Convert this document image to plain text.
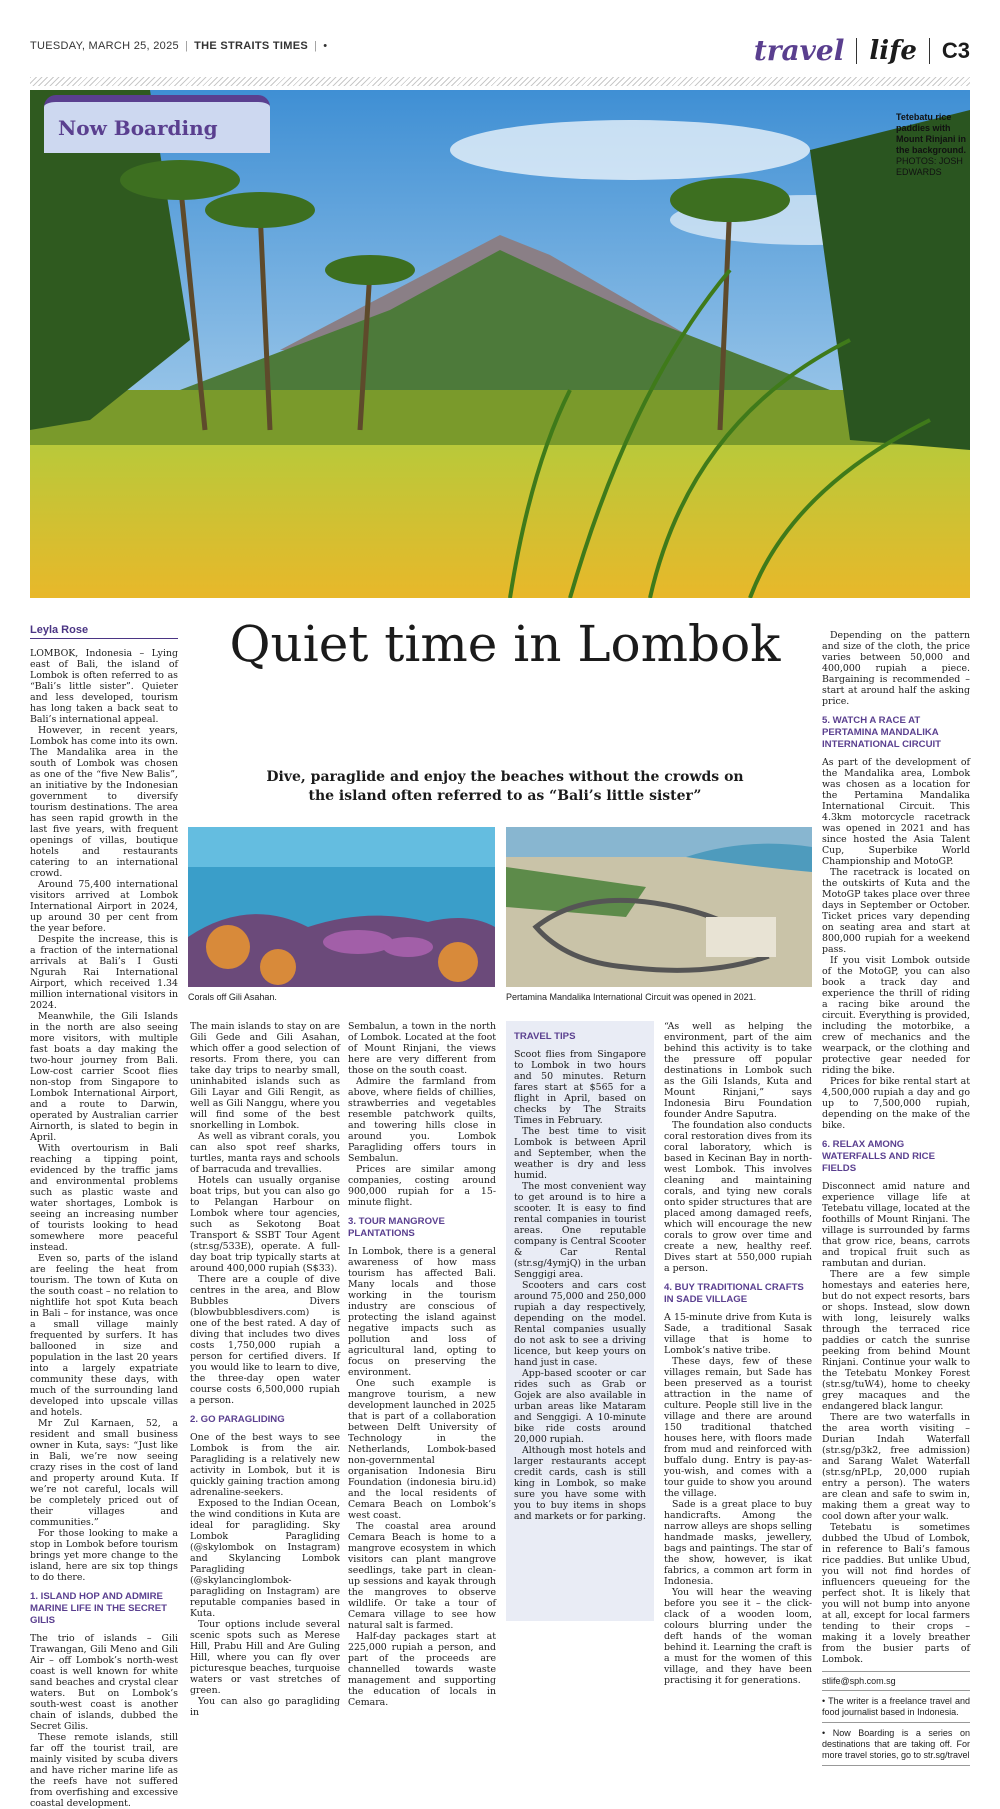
TUESDAY, MARCH 25, 2025 | THE STRAITS TIMES | •	travel life C3
Now Boarding	Tetebatu rice paddies with Mount Rinjani in the background.
PHOTOS: JOSH EDWARDS
Leyla Rose	Quiet time in Lombok
Dive, paraglide and enjoy the beaches without the crowds on the island often referred to as “Bali’s little sister”

LOMBOK, Indonesia – Lying east of Bali, the island of Lombok is often referred to as “Bali’s little sister”. Quieter and less developed, tourism has long taken a back seat to Bali’s international appeal.

However, in recent years, Lombok has come into its own. The Mandalika area in the south of Lombok was chosen as one of the “five New Balis”, an initiative by the Indonesian government to diversify tourism destinations. The area has seen rapid growth in the last five years, with frequent openings of villas, boutique hotels and restaurants catering to an international crowd.

Around 75,400 international visitors arrived at Lombok International Airport in 2024, up around 30 per cent from the year before.

Despite the increase, this is a fraction of the international arrivals at Bali’s I Gusti Ngurah Rai International Airport, which received 1.34 million international visitors in 2024.

Meanwhile, the Gili Islands in the north are also seeing more visitors, with multiple fast boats a day making the two-hour journey from Bali. Low-cost carrier Scoot flies non-stop from Singapore to Lombok International Airport, and a route to Darwin, operated by Australian carrier Airnorth, is slated to begin in April.

With overtourism in Bali reaching a tipping point, evidenced by the traffic jams and environmental problems such as plastic waste and water shortages, Lombok is seeing an increasing number of tourists looking to head somewhere more peaceful instead.

Even so, parts of the island are feeling the heat from tourism. The town of Kuta on the south coast – no relation to nightlife hot spot Kuta beach in Bali – for instance, was once a small village mainly frequented by surfers. It has ballooned in size and population in the last 20 years into a largely expatriate community these days, with much of the surrounding land developed into upscale villas and hotels.

Mr Zul Karnaen, 52, a resident and small business owner in Kuta, says: “Just like in Bali, we’re now seeing crazy rises in the cost of land and property around Kuta. If we’re not careful, locals will be completely priced out of their villages and communities.”

For those looking to make a stop in Lombok before tourism brings yet more change to the island, here are six top things to do there.

1. ISLAND HOP AND ADMIRE MARINE LIFE IN THE SECRET GILIS

The trio of islands – Gili Trawangan, Gili Meno and Gili Air – off Lombok’s north-west coast is well known for white sand beaches and crystal clear waters. But on Lombok’s south-west coast is another chain of islands, dubbed the Secret Gilis.

These remote islands, still far off the tourist trail, are mainly visited by scuba divers and have richer marine life as the reefs have not suffered from overfishing and excessive coastal development.

Corals off Gili Asahan.	Pertamina Mandalika International Circuit was opened in 2021.

The main islands to stay on are Gili Gede and Gili Asahan, which offer a good selection of resorts. From there, you can take day trips to nearby small, uninhabited islands such as Gili Layar and Gili Rengit, as well as Gili Nanggu, where you will find some of the best snorkelling in Lombok.

As well as vibrant corals, you can also spot reef sharks, turtles, manta rays and schools of barracuda and trevallies.

Hotels can usually organise boat trips, but you can also go to Pelangan Harbour on Lombok where tour agencies, such as Sekotong Boat Transport & SSBT Tour Agent (str.sg/533E), operate. A full-day boat trip typically starts at around 400,000 rupiah (S$33).

There are a couple of dive centres in the area, and Blow Bubbles Divers (blowbubblesdivers.com) is one of the best rated. A day of diving that includes two dives costs 1,750,000 rupiah a person for certified divers. If you would like to learn to dive, the three-day open water course costs 6,500,000 rupiah a person.

2. GO PARAGLIDING

One of the best ways to see Lombok is from the air. Paragliding is a relatively new activity in Lombok, but it is quickly gaining traction among adrenaline-seekers.

Exposed to the Indian Ocean, the wind conditions in Kuta are ideal for paragliding. Sky Lombok Paragliding (@skylombok on Instagram) and Skylancing Lombok Paragliding (@skylancinglombok-paragliding on Instagram) are reputable companies based in Kuta.

Tour options include several scenic spots such as Merese Hill, Prabu Hill and Are Guling Hill, where you can fly over picturesque beaches, turquoise waters or vast stretches of green.

You can also go paragliding in

Sembalun, a town in the north of Lombok. Located at the foot of Mount Rinjani, the views here are very different from those on the south coast.

Admire the farmland from above, where fields of chillies, strawberries and vegetables resemble patchwork quilts, and towering hills close in around you. Lombok Paragliding offers tours in Sembalun.

Prices are similar among companies, costing around 900,000 rupiah for a 15-minute flight.

3. TOUR MANGROVE PLANTATIONS

In Lombok, there is a general awareness of how mass tourism has affected Bali. Many locals and those working in the tourism industry are conscious of protecting the island against negative impacts such as pollution and loss of agricultural land, opting to focus on preserving the environment.

One such example is mangrove tourism, a new development launched in 2025 that is part of a collaboration between Delft University of Technology in the Netherlands, Lombok-based non-governmental organisation Indonesia Biru Foundation (indonesia biru.id) and the local residents of Cemara Beach on Lombok’s west coast.

The coastal area around Cemara Beach is home to a mangrove ecosystem in which visitors can plant mangrove seedlings, take part in clean-up sessions and kayak through the mangroves to observe wildlife. Or take a tour of Cemara village to see how natural salt is farmed.

Half-day packages start at 225,000 rupiah a person, and part of the proceeds are channelled towards waste management and supporting the education of locals in Cemara.

TRAVEL TIPS

Scoot flies from Singapore to Lombok in two hours and 50 minutes. Return fares start at $565 for a flight in April, based on checks by The Straits Times in February.

The best time to visit Lombok is between April and September, when the weather is dry and less humid.

The most convenient way to get around is to hire a scooter. It is easy to find rental companies in tourist areas. One reputable company is Central Scooter & Car Rental (str.sg/4ymjQ) in the urban Senggigi area.

Scooters and cars cost around 75,000 and 250,000 rupiah a day respectively, depending on the model. Rental companies usually do not ask to see a driving licence, but keep yours on hand just in case.

App-based scooter or car rides such as Grab or Gojek are also available in urban areas like Mataram and Senggigi. A 10-minute bike ride costs around 20,000 rupiah.

Although most hotels and larger restaurants accept credit cards, cash is still king in Lombok, so make sure you have some with you to buy items in shops and markets or for parking.

“As well as helping the environment, part of the aim behind this activity is to take the pressure off popular destinations in Lombok such as the Gili Islands, Kuta and Mount Rinjani,” says Indonesia Biru Foundation founder Andre Saputra.

The foundation also conducts coral restoration dives from its coral laboratory, which is based in Kecinan Bay in north-west Lombok. This involves cleaning and maintaining corals, and tying new corals onto spider structures that are placed among damaged reefs, which will encourage the new corals to grow over time and create a new, healthy reef. Dives start at 550,000 rupiah a person.

4. BUY TRADITIONAL CRAFTS IN SADE VILLAGE

A 15-minute drive from Kuta is Sade, a traditional Sasak village that is home to Lombok’s native tribe.

These days, few of these villages remain, but Sade has been preserved as a tourist attraction in the name of culture. People still live in the village and there are around 150 traditional thatched houses here, with floors made from mud and reinforced with buffalo dung. Entry is pay-as-you-wish, and comes with a tour guide to show you around the village.

Sade is a great place to buy handicrafts. Among the narrow alleys are shops selling handmade masks, jewellery, bags and paintings. The star of the show, however, is ikat fabrics, a common art form in Indonesia.

You will hear the weaving before you see it – the click-clack of a wooden loom, colours blurring under the deft hands of the woman behind it. Learning the craft is a must for the women of this village, and they have been practising it for generations.

Depending on the pattern and size of the cloth, the price varies between 50,000 and 400,000 rupiah a piece. Bargaining is recommended – start at around half the asking price.

5. WATCH A RACE AT PERTAMINA MANDALIKA INTERNATIONAL CIRCUIT

As part of the development of the Mandalika area, Lombok was chosen as a location for the Pertamina Mandalika International Circuit. This 4.3km motorcycle racetrack was opened in 2021 and has since hosted the Asia Talent Cup, Superbike World Championship and MotoGP.

The racetrack is located on the outskirts of Kuta and the MotoGP takes place over three days in September or October. Ticket prices vary depending on seating area and start at 800,000 rupiah for a weekend pass.

If you visit Lombok outside of the MotoGP, you can also book a track day and experience the thrill of riding a racing bike around the circuit. Everything is provided, including the motorbike, a crew of mechanics and the wearpack, or the clothing and protective gear needed for riding the bike.

Prices for bike rental start at 4,500,000 rupiah a day and go up to 7,500,000 rupiah, depending on the make of the bike.

6. RELAX AMONG WATERFALLS AND RICE FIELDS

Disconnect amid nature and experience village life at Tetebatu village, located at the foothills of Mount Rinjani. The village is surrounded by farms that grow rice, beans, carrots and tropical fruit such as rambutan and durian.

There are a few simple homestays and eateries here, but do not expect resorts, bars or shops. Instead, slow down with long, leisurely walks through the terraced rice paddies or catch the sunrise peeking from behind Mount Rinjani. Continue your walk to the Tetebatu Monkey Forest (str.sg/tuW4), home to cheeky grey macaques and the endangered black langur.

There are two waterfalls in the area worth visiting – Durian Indah Waterfall (str.sg/p3k2, free admission) and Sarang Walet Waterfall (str.sg/nPLp, 20,000 rupiah entry a person). The waters are clean and safe to swim in, making them a great way to cool down after your walk.

Tetebatu is sometimes dubbed the Ubud of Lombok, in reference to Bali’s famous rice paddies. But unlike Ubud, you will not find hordes of influencers queueing for the perfect shot. It is likely that you will not bump into anyone at all, except for local farmers tending to their crops – making it a lovely breather from the busier parts of Lombok.

stlife@sph.com.sg
• The writer is a freelance travel and food journalist based in Indonesia.
• Now Boarding is a series on destinations that are taking off. For more travel stories, go to str.sg/travel
